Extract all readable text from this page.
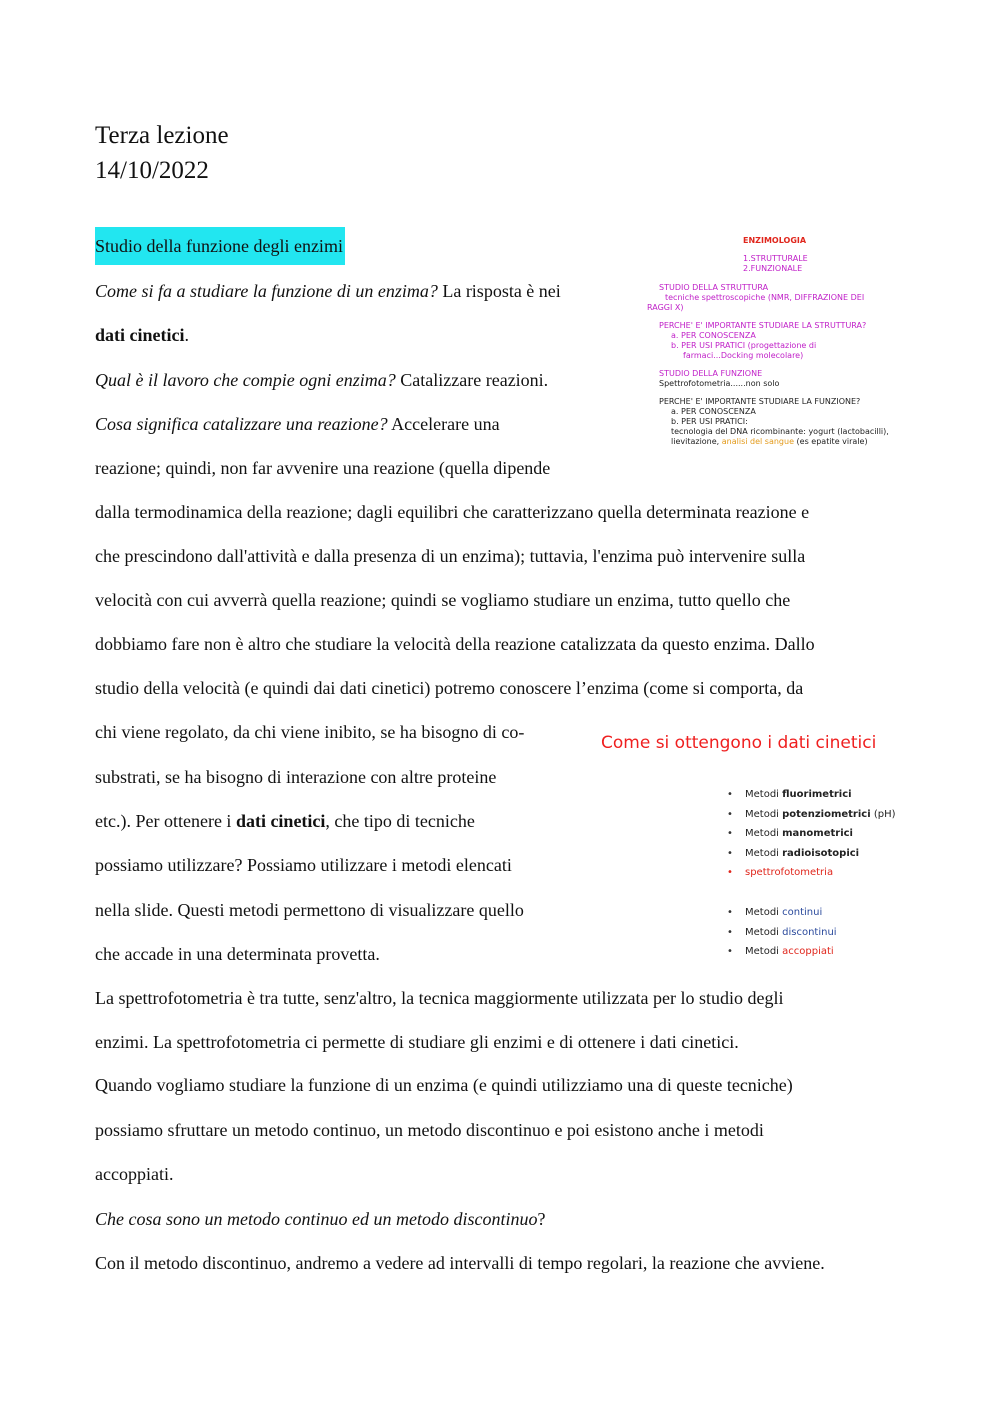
Terza lezione
14/10/2022
Studio della funzione degli enzimi
Come si fa a studiare la funzione di un enzima? La risposta è nei
dati cinetici.
Qual è il lavoro che compie ogni enzima? Catalizzare reazioni.
Cosa significa catalizzare una reazione? Accelerare una
reazione; quindi, non far avvenire una reazione (quella dipende
dalla termodinamica della reazione; dagli equilibri che caratterizzano quella determinata reazione e
che prescindono dall'attività e dalla presenza di un enzima); tuttavia, l'enzima può intervenire sulla
velocità con cui avverrà quella reazione; quindi se vogliamo studiare un enzima, tutto quello che
dobbiamo fare non è altro che studiare la velocità della reazione catalizzata da questo enzima. Dallo
studio della velocità (e quindi dai dati cinetici) potremo conoscere l’enzima (come si comporta, da
chi viene regolato, da chi viene inibito, se ha bisogno di co-
substrati, se ha bisogno di interazione con altre proteine
etc.). Per ottenere i dati cinetici, che tipo di tecniche
possiamo utilizzare? Possiamo utilizzare i metodi elencati
nella slide. Questi metodi permettono di visualizzare quello
che accade in una determinata provetta.
La spettrofotometria è tra tutte, senz'altro, la tecnica maggiormente utilizzata per lo studio degli
enzimi. La spettrofotometria ci permette di studiare gli enzimi e di ottenere i dati cinetici.
Quando vogliamo studiare la funzione di un enzima (e quindi utilizziamo una di queste tecniche)
possiamo sfruttare un metodo continuo, un metodo discontinuo e poi esistono anche i metodi
accoppiati.
Che cosa sono un metodo continuo ed un metodo discontinuo?
Con il metodo discontinuo, andremo a vedere ad intervalli di tempo regolari, la reazione che avviene.
ENZIMOLOGIA
1.STRUTTURALE
2.FUNZIONALE
STUDIO DELLA STRUTTURA
tecniche spettroscopiche (NMR, DIFFRAZIONE DEI
RAGGI X)
PERCHE' E' IMPORTANTE STUDIARE LA STRUTTURA?
a. PER CONOSCENZA
b. PER USI PRATICI (progettazione di
farmaci...Docking molecolare)
STUDIO DELLA FUNZIONE
Spettrofotometria......non solo
PERCHE' E' IMPORTANTE STUDIARE LA FUNZIONE?
a. PER CONOSCENZA
b. PER USI PRATICI:
tecnologia del DNA ricombinante: yogurt (lactobacilli),
lievitazione, analisi del sangue (es epatite virale)
Come si ottengono i dati cinetici
• Metodi fluorimetrici
• Metodi potenziometrici (pH)
• Metodi manometrici
• Metodi radioisotopici
• spettrofotometria
• Metodi continui
• Metodi discontinui
• Metodi accoppiati
